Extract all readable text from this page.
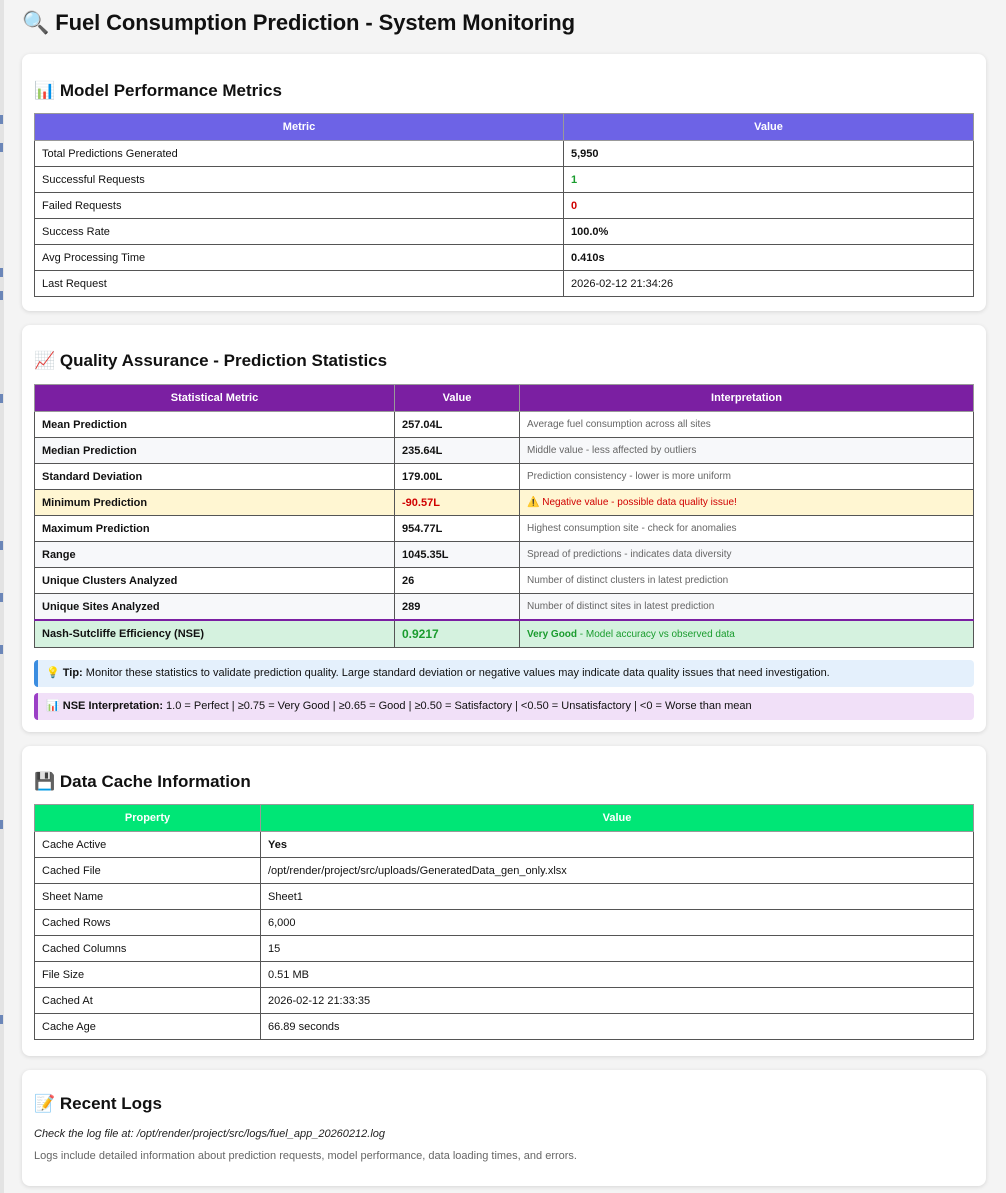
🔍 Fuel Consumption Prediction - System Monitoring
📊 Model Performance Metrics
Metric	Value
Total Predictions Generated	5,950
Successful Requests	1
Failed Requests	0
Success Rate	100.0%
Avg Processing Time	0.410s
Last Request	2026-02-12 21:34:26
📈 Quality Assurance - Prediction Statistics
Statistical Metric	Value	Interpretation
Mean Prediction	257.04L	Average fuel consumption across all sites
Median Prediction	235.64L	Middle value - less affected by outliers
Standard Deviation	179.00L	Prediction consistency - lower is more uniform
Minimum Prediction	-90.57L	⚠️ Negative value - possible data quality issue!
Maximum Prediction	954.77L	Highest consumption site - check for anomalies
Range	1045.35L	Spread of predictions - indicates data diversity
Unique Clusters Analyzed	26	Number of distinct clusters in latest prediction
Unique Sites Analyzed	289	Number of distinct sites in latest prediction
Nash-Sutcliffe Efficiency (NSE)	0.9217	Very Good - Model accuracy vs observed data
💡 Tip: Monitor these statistics to validate prediction quality. Large standard deviation or negative values may indicate data quality issues that need investigation.
📊 NSE Interpretation: 1.0 = Perfect | ≥0.75 = Very Good | ≥0.65 = Good | ≥0.50 = Satisfactory | <0.50 = Unsatisfactory | <0 = Worse than mean
💾 Data Cache Information
Property	Value
Cache Active	Yes
Cached File	/opt/render/project/src/uploads/GeneratedData_gen_only.xlsx
Sheet Name	Sheet1
Cached Rows	6,000
Cached Columns	15
File Size	0.51 MB
Cached At	2026-02-12 21:33:35
Cache Age	66.89 seconds
📝 Recent Logs
Check the log file at: /opt/render/project/src/logs/fuel_app_20260212.log
Logs include detailed information about prediction requests, model performance, data loading times, and errors.
